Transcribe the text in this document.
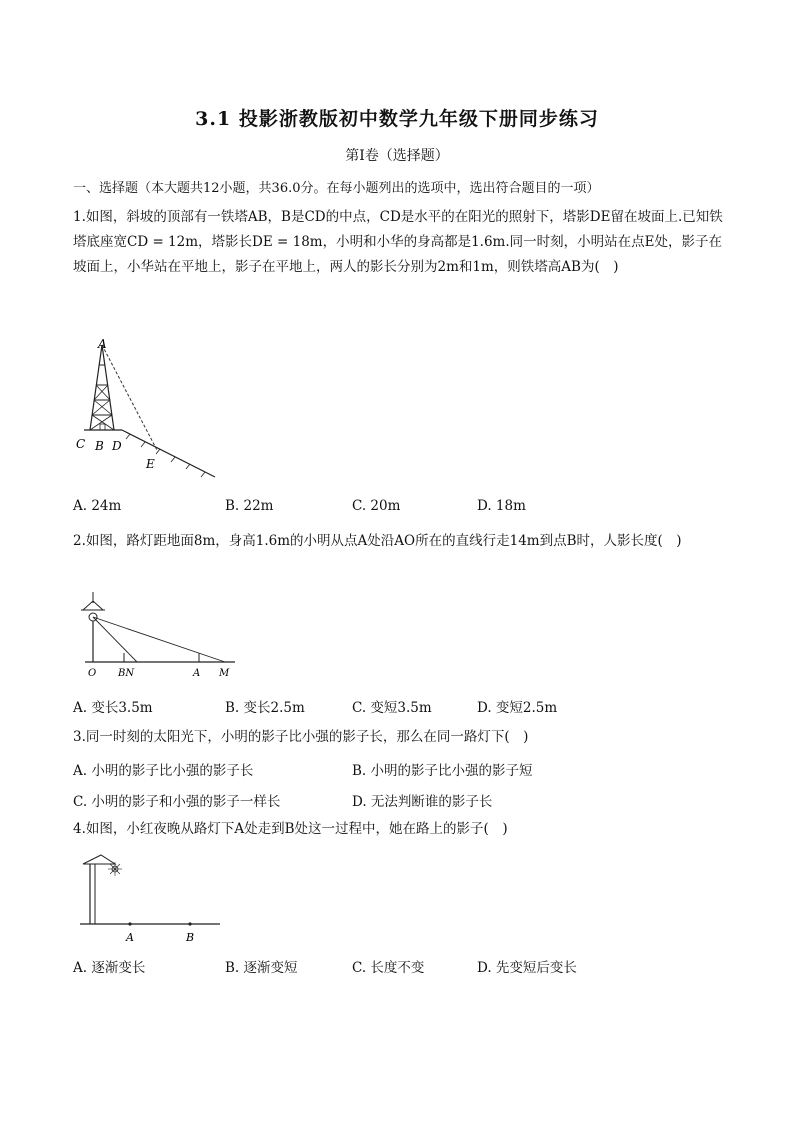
3.1 投影浙教版初中数学九年级下册同步练习
第I卷（选择题）
一、选择题（本大题共12小题，共36.0分。在每小题列出的选项中，选出符合题目的一项）
1.如图，斜坡的顶部有一铁塔AB，B是CD的中点，CD是水平的在阳光的照射下，塔影DE留在坡面上.已知铁塔底座宽CD = 12m，塔影长DE = 18m，小明和小华的身高都是1.6m.同一时刻，小明站在点E处，影子在坡面上，小华站在平地上，影子在平地上，两人的影长分别为2m和1m，则铁塔高AB为(　)
A
C B D
E
A. 24m	B. 22m	C. 20m	D. 18m
2.如图，路灯距地面8m，身高1.6m的小明从点A处沿AO所在的直线行走14m到点B时，人影长度(　)
O BN	A M
A. 变长3.5m	B. 变长2.5m	C. 变短3.5m	D. 变短2.5m
3.同一时刻的太阳光下，小明的影子比小强的影子长，那么在同一路灯下(　)
A. 小明的影子比小强的影子长	B. 小明的影子比小强的影子短
C. 小明的影子和小强的影子一样长	D. 无法判断谁的影子长
4.如图，小红夜晚从路灯下A处走到B处这一过程中，她在路上的影子(　)
A	B
A. 逐渐变长	B. 逐渐变短	C. 长度不变	D. 先变短后变长
